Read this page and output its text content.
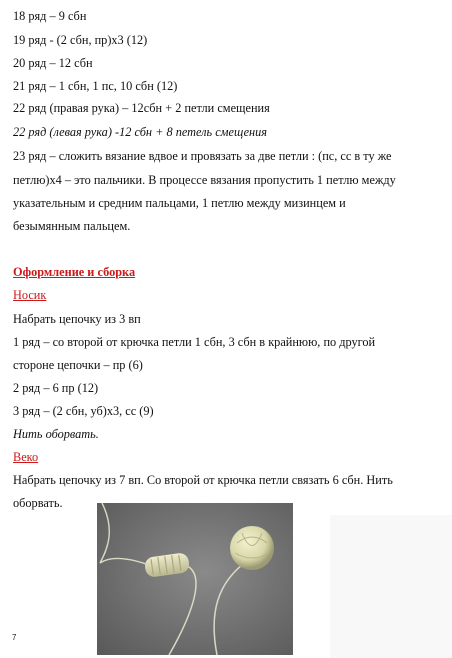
18 ряд – 9 сбн

19 ряд - (2 сбн, пр)х3 (12)

20 ряд – 12 сбн

21 ряд – 1 сбн, 1 пс, 10 сбн (12)

22 ряд (правая рука) – 12сбн + 2 петли смещения

22 ряд (левая рука) -12 сбн + 8 петель смещения

23 ряд – сложить вязание вдвое и провязать за две петли : (пс, сс в ту же

петлю)х4 – это пальчики. В процессе вязания пропустить 1 петлю между

указательным и средним пальцами, 1 петлю между мизинцем и

безымянным пальцем.

Оформление и сборка

Носик

Набрать цепочку из 3 вп

1 ряд – со второй от крючка петли 1 сбн, 3 сбн в крайнюю, по другой

стороне цепочки – пр (6)

2 ряд – 6 пр (12)

3 ряд – (2 сбн, уб)х3, сс (9)

Нить оборвать.

Веко

Набрать цепочку из 7 вп. Со второй от крючка петли связать 6 сбн. Нить

оборвать.

7
